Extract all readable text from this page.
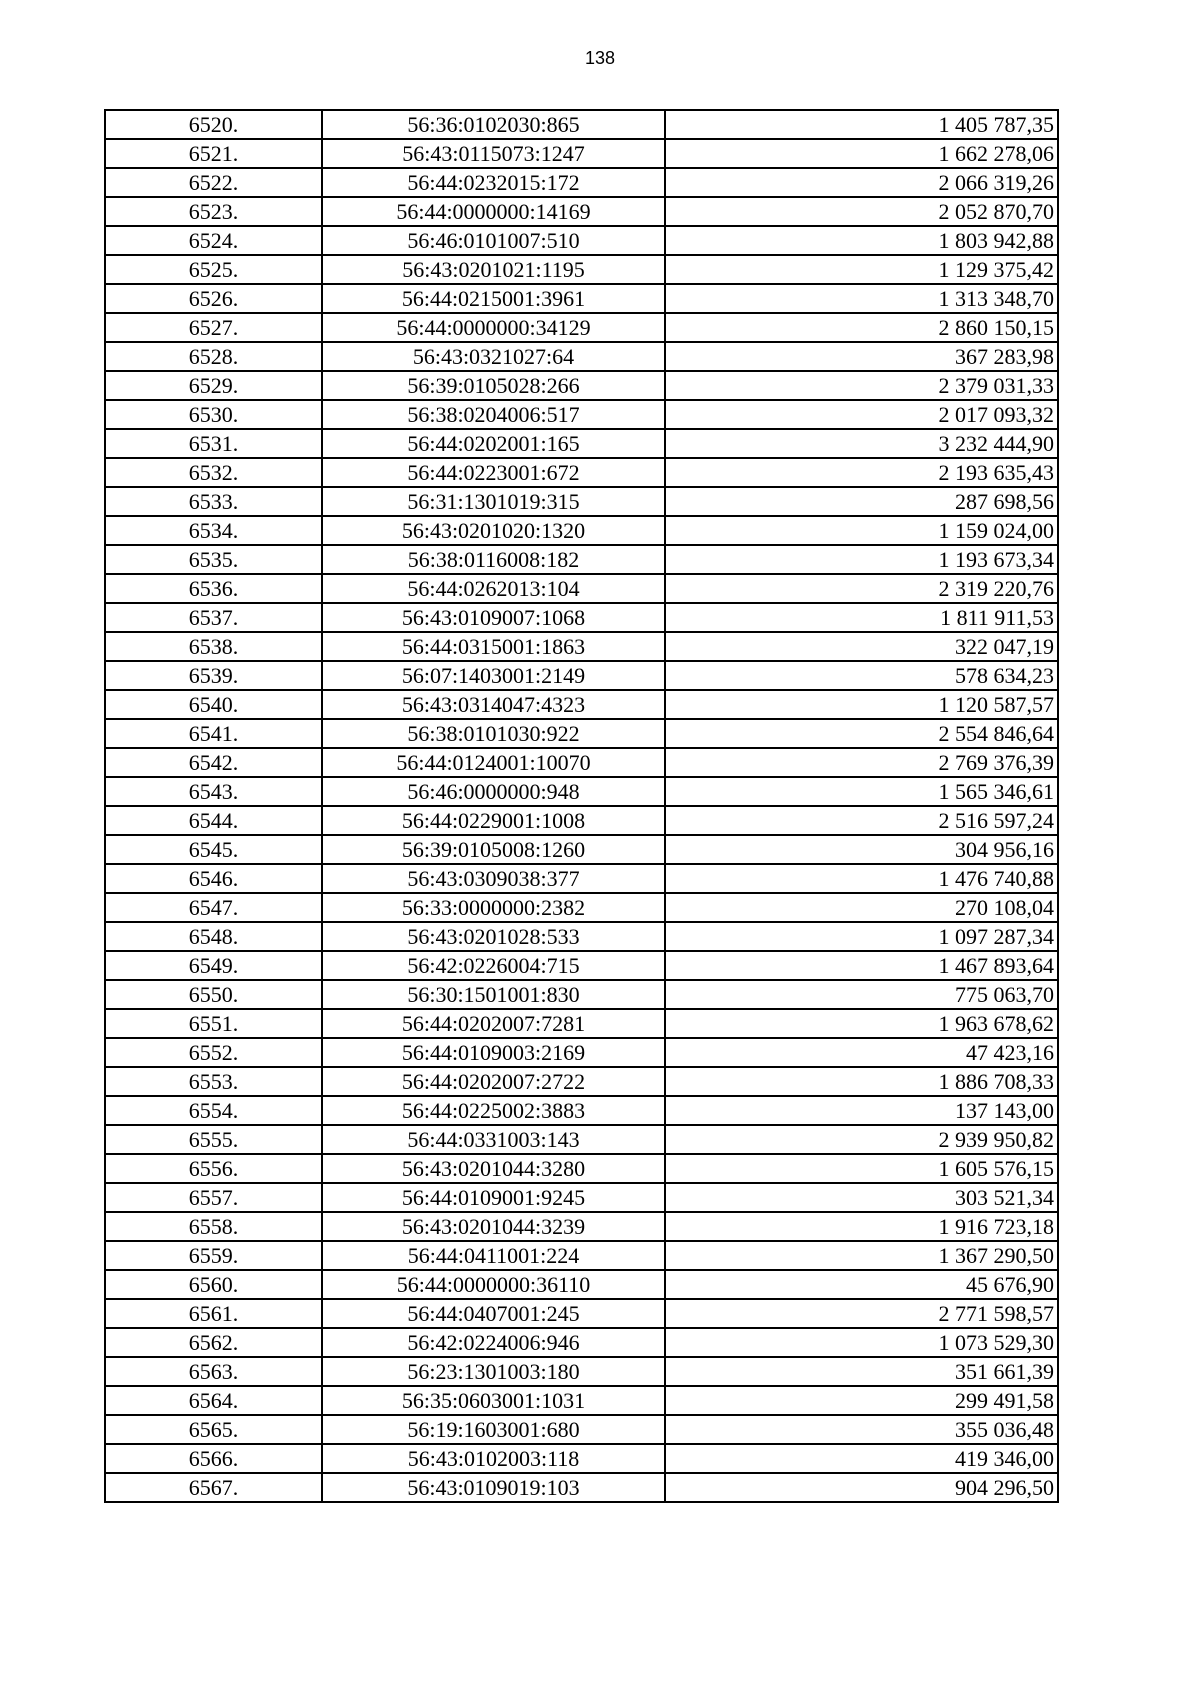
138
6520.	56:36:0102030:865	1 405 787,35
6521.	56:43:0115073:1247	1 662 278,06
6522.	56:44:0232015:172	2 066 319,26
6523.	56:44:0000000:14169	2 052 870,70
6524.	56:46:0101007:510	1 803 942,88
6525.	56:43:0201021:1195	1 129 375,42
6526.	56:44:0215001:3961	1 313 348,70
6527.	56:44:0000000:34129	2 860 150,15
6528.	56:43:0321027:64	367 283,98
6529.	56:39:0105028:266	2 379 031,33
6530.	56:38:0204006:517	2 017 093,32
6531.	56:44:0202001:165	3 232 444,90
6532.	56:44:0223001:672	2 193 635,43
6533.	56:31:1301019:315	287 698,56
6534.	56:43:0201020:1320	1 159 024,00
6535.	56:38:0116008:182	1 193 673,34
6536.	56:44:0262013:104	2 319 220,76
6537.	56:43:0109007:1068	1 811 911,53
6538.	56:44:0315001:1863	322 047,19
6539.	56:07:1403001:2149	578 634,23
6540.	56:43:0314047:4323	1 120 587,57
6541.	56:38:0101030:922	2 554 846,64
6542.	56:44:0124001:10070	2 769 376,39
6543.	56:46:0000000:948	1 565 346,61
6544.	56:44:0229001:1008	2 516 597,24
6545.	56:39:0105008:1260	304 956,16
6546.	56:43:0309038:377	1 476 740,88
6547.	56:33:0000000:2382	270 108,04
6548.	56:43:0201028:533	1 097 287,34
6549.	56:42:0226004:715	1 467 893,64
6550.	56:30:1501001:830	775 063,70
6551.	56:44:0202007:7281	1 963 678,62
6552.	56:44:0109003:2169	47 423,16
6553.	56:44:0202007:2722	1 886 708,33
6554.	56:44:0225002:3883	137 143,00
6555.	56:44:0331003:143	2 939 950,82
6556.	56:43:0201044:3280	1 605 576,15
6557.	56:44:0109001:9245	303 521,34
6558.	56:43:0201044:3239	1 916 723,18
6559.	56:44:0411001:224	1 367 290,50
6560.	56:44:0000000:36110	45 676,90
6561.	56:44:0407001:245	2 771 598,57
6562.	56:42:0224006:946	1 073 529,30
6563.	56:23:1301003:180	351 661,39
6564.	56:35:0603001:1031	299 491,58
6565.	56:19:1603001:680	355 036,48
6566.	56:43:0102003:118	419 346,00
6567.	56:43:0109019:103	904 296,50
